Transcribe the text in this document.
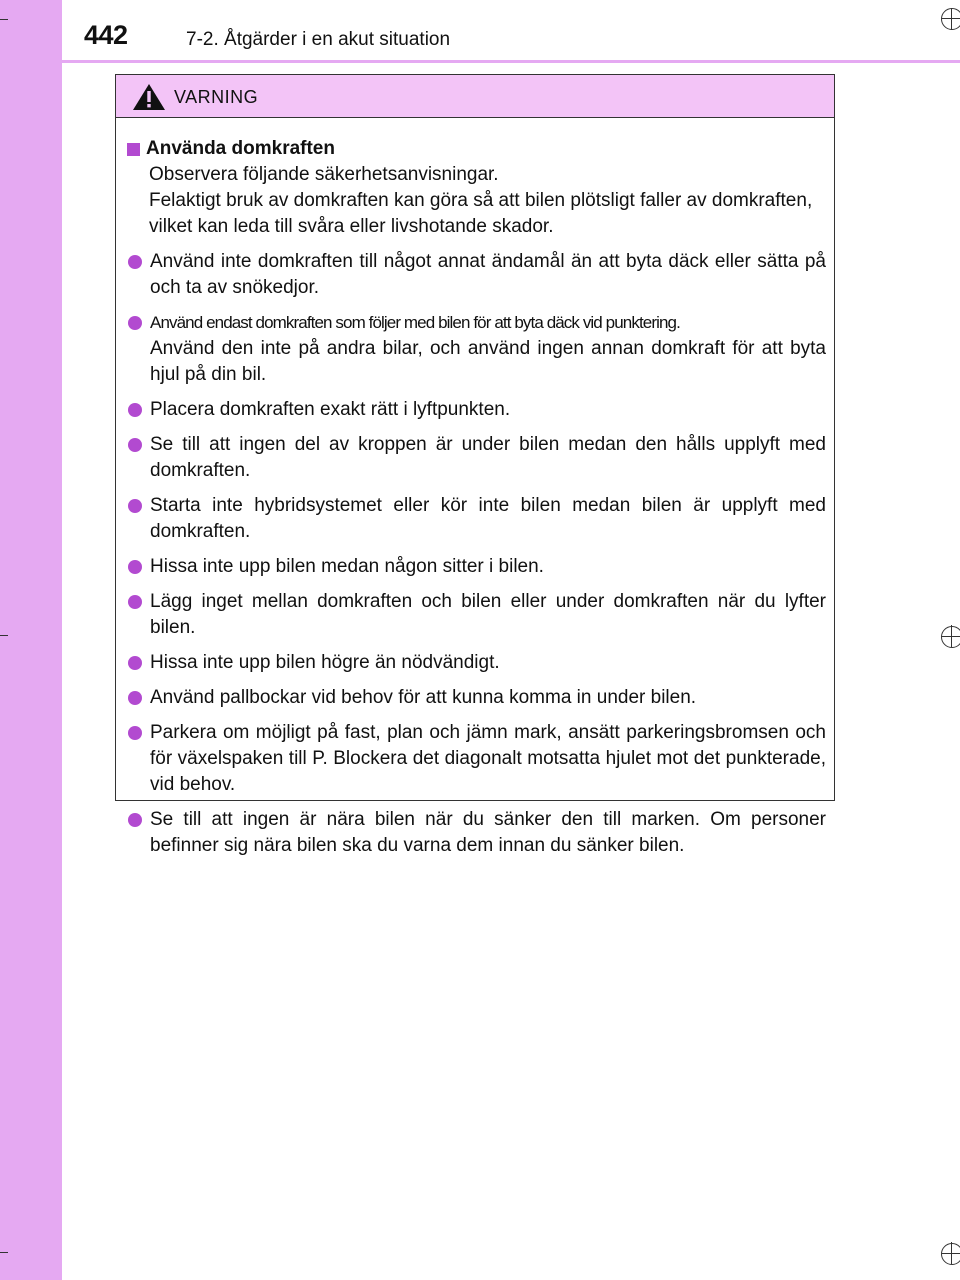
442	7-2. Åtgärder i en akut situation
VARNING
Använda domkraften
Observera följande säkerhetsanvisningar.
Felaktigt bruk av domkraften kan göra så att bilen plötsligt faller av domkraften, vilket kan leda till svåra eller livshotande skador.
Använd inte domkraften till något annat ändamål än att byta däck eller sätta på och ta av snökedjor.
Använd endast domkraften som följer med bilen för att byta däck vid punktering.
Använd den inte på andra bilar, och använd ingen annan domkraft för att byta hjul på din bil.
Placera domkraften exakt rätt i lyftpunkten.
Se till att ingen del av kroppen är under bilen medan den hålls upplyft med domkraften.
Starta inte hybridsystemet eller kör inte bilen medan bilen är upplyft med domkraften.
Hissa inte upp bilen medan någon sitter i bilen.
Lägg inget mellan domkraften och bilen eller under domkraften när du lyfter bilen.
Hissa inte upp bilen högre än nödvändigt.
Använd pallbockar vid behov för att kunna komma in under bilen.
Parkera om möjligt på fast, plan och jämn mark, ansätt parkeringsbromsen och för växelspaken till P. Blockera det diagonalt motsatta hjulet mot det punkterade, vid behov.
Se till att ingen är nära bilen när du sänker den till marken. Om personer befinner sig nära bilen ska du varna dem innan du sänker bilen.
